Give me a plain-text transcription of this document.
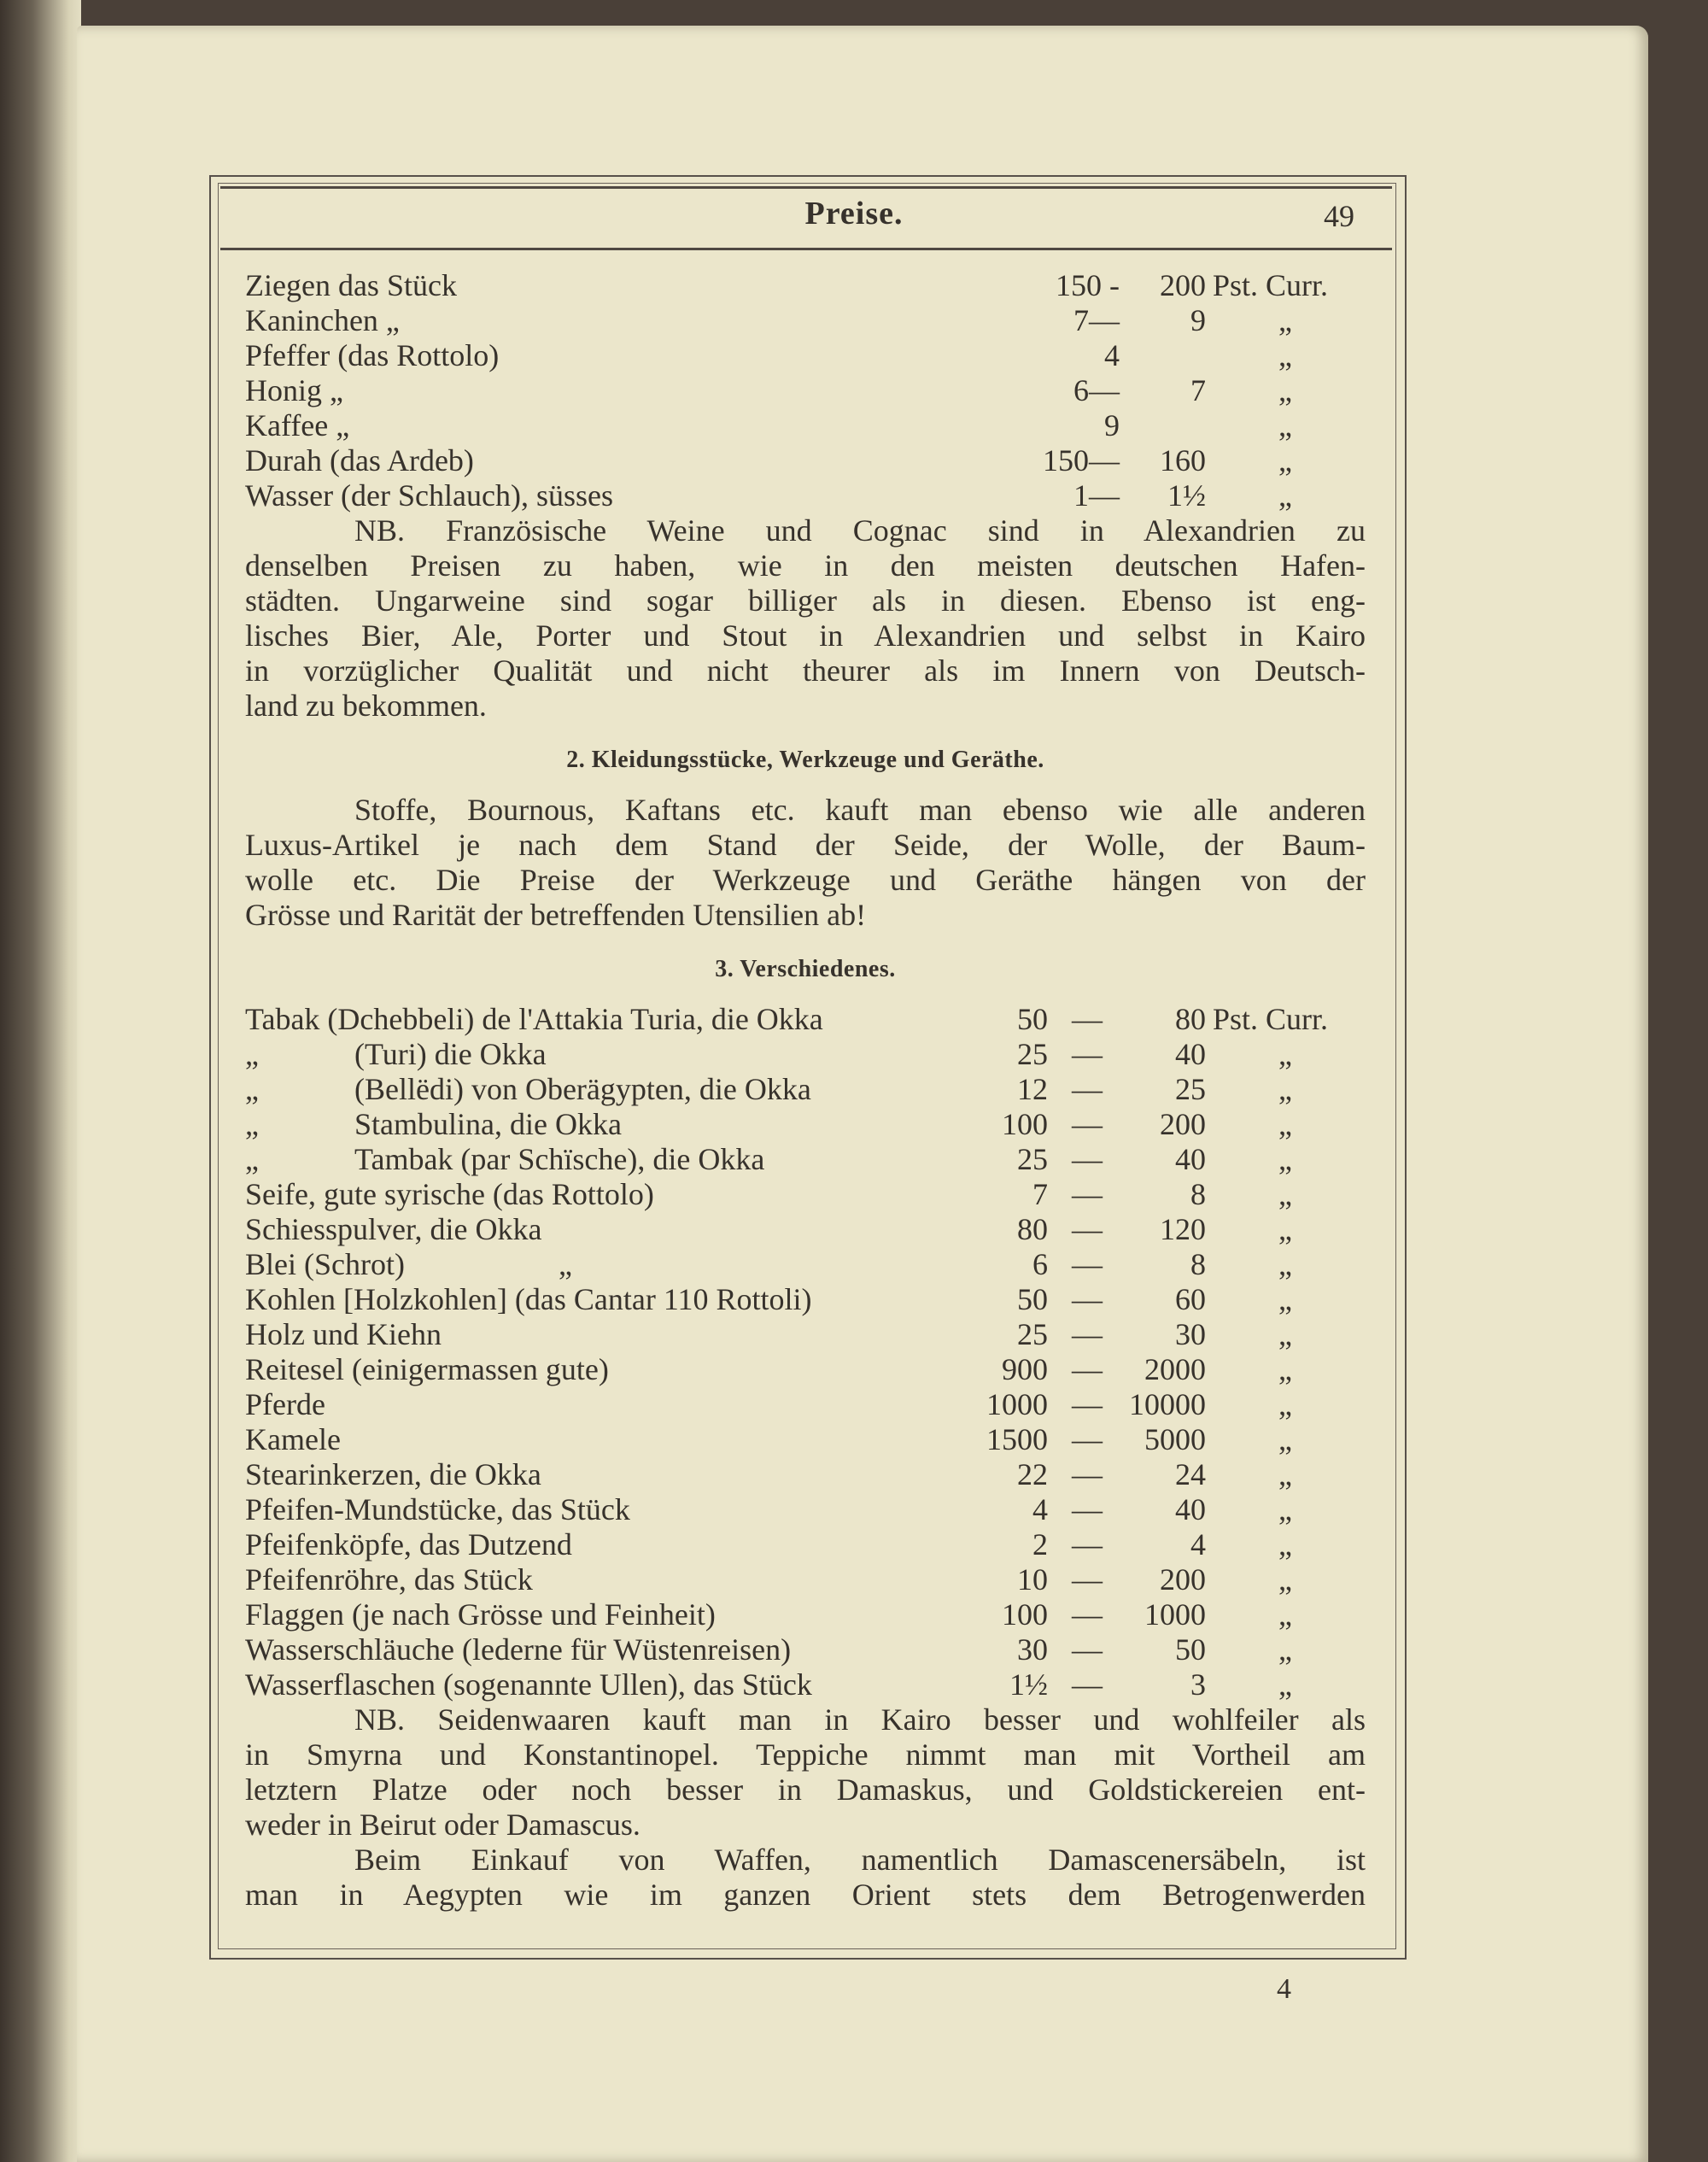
Preise.	49
Ziegen das Stück	150 - 200 Pst. Curr.
Kaninchen „	7— 9 „
Pfeffer (das Rottolo)	4	„
Honig „	6— 7 „
Kaffee „	9	„
Durah (das Ardeb)	150— 160 „
Wasser (der Schlauch), süsses	1— 1½ „
NB. Französische Weine und Cognac sind in Alexandrien zu
denselben Preisen zu haben, wie in den meisten deutschen Hafen-
städten. Ungarweine sind sogar billiger als in diesen. Ebenso ist eng-
lisches Bier, Ale, Porter und Stout in Alexandrien und selbst in Kairo
in vorzüglicher Qualität und nicht theurer als im Innern von Deutsch-
land zu bekommen.
2. Kleidungsstücke, Werkzeuge und Geräthe.
Stoffe, Bournous, Kaftans etc. kauft man ebenso wie alle anderen
Luxus-Artikel je nach dem Stand der Seide, der Wolle, der Baum-
wolle etc. Die Preise der Werkzeuge und Geräthe hängen von der
Grösse und Rarität der betreffenden Utensilien ab!
3. Verschiedenes.
Tabak (Dchebbeli) de l'Attakia Turia, die Okka	50 — 80 Pst. Curr.
„	(Turi) die Okka	25 — 40 „
„	(Bellëdi) von Oberägypten, die Okka	12 — 25 „
„	Stambulina, die Okka	100 — 200 „
„	Tambak (par Schïsche), die Okka	25 — 40 „
Seife, gute syrische (das Rottolo)	7 —	8 „
Schiesspulver, die Okka	80 — 120 „
Blei (Schrot)                    „	6 —	8 „
Kohlen [Holzkohlen] (das Cantar 110 Rottoli)	50 — 60 „
Holz und Kiehn	25 — 30 „
Reitesel (einigermassen gute)	900 — 2000 „
Pferde	1000 — 10000 „
Kamele	1500 — 5000 „
Stearinkerzen, die Okka	22 — 24 „
Pfeifen-Mundstücke, das Stück	4 — 40 „
Pfeifenköpfe, das Dutzend	2 —	4 „
Pfeifenröhre, das Stück	10 — 200 „
Flaggen (je nach Grösse und Feinheit)	100 — 1000 „
Wasserschläuche (lederne für Wüstenreisen)	30 — 50 „
Wasserflaschen (sogenannte Ullen), das Stück	1½ —	3 „
NB. Seidenwaaren kauft man in Kairo besser und wohlfeiler als
in Smyrna und Konstantinopel. Teppiche nimmt man mit Vortheil am
letztern Platze oder noch besser in Damaskus, und Goldstickereien ent-
weder in Beirut oder Damascus.
Beim Einkauf von Waffen, namentlich Damascenersäbeln, ist
man in Aegypten wie im ganzen Orient stets dem Betrogenwerden
4
